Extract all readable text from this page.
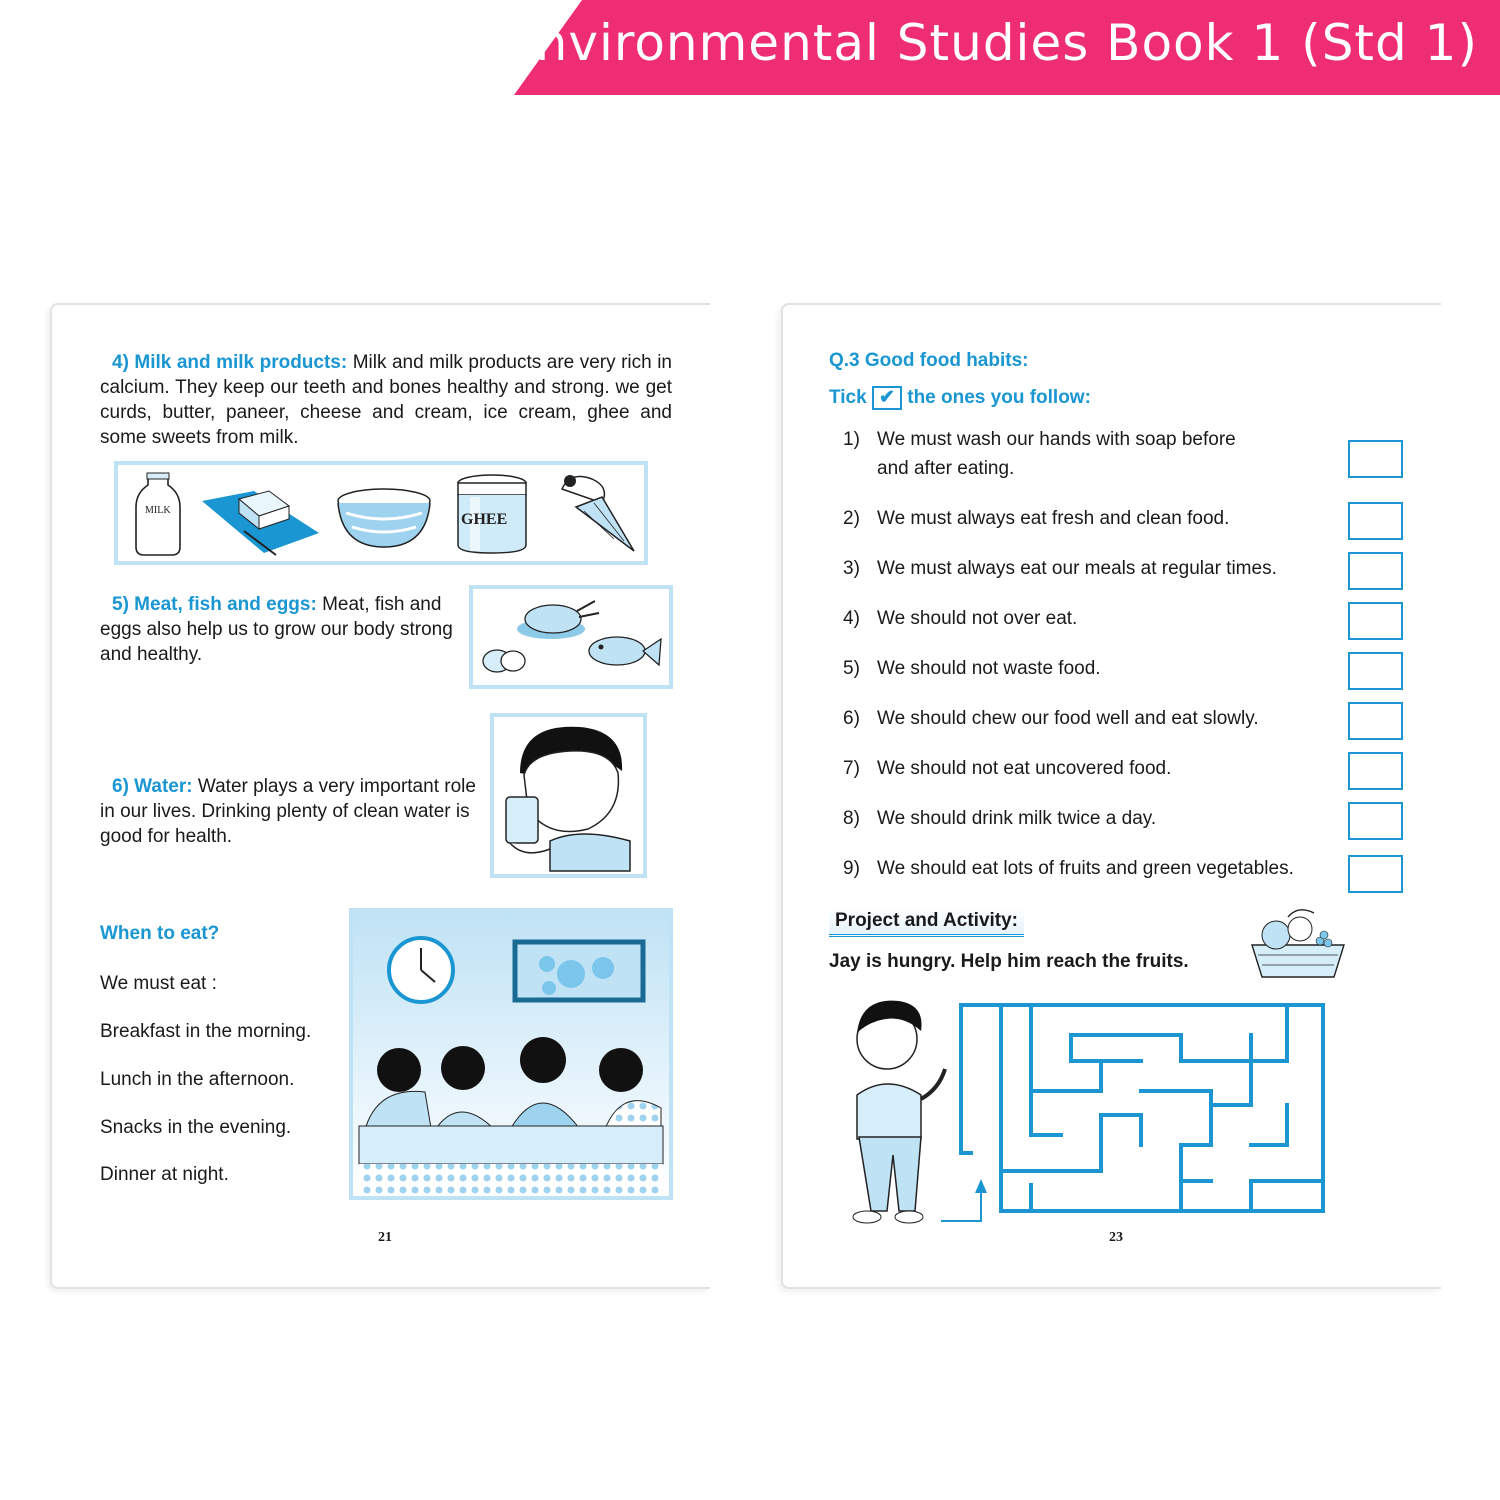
Environmental Studies Book 1 (Std 1)
4) Milk and milk products: Milk and milk products are very rich in calcium. They keep our teeth and bones healthy and strong. we get curds, butter, paneer, cheese and cream, ice cream, ghee and some sweets from milk.
MILK
GHEE
5) Meat, fish and eggs: Meat, fish and eggs also help us to grow our body strong and healthy.
6) Water: Water plays a very important role in our lives. Drinking plenty of clean water is good for health.
When to eat?
We must eat :
Breakfast in the morning.
Lunch in the afternoon.
Snacks in the evening.
Dinner at night.
21
Q.3 Good food habits:
Tick ✔ the ones you follow:
1) We must wash our hands with soap before
and after eating.
2) We must always eat fresh and clean food.
3) We must always eat our meals at regular times.
4) We should not over eat.
5) We should not waste food.
6) We should chew our food well and eat slowly.
7) We should not eat uncovered food.
8) We should drink milk twice a day.
9) We should eat lots of fruits and green vegetables.
Project and Activity:
Jay is hungry. Help him reach the fruits.
23
